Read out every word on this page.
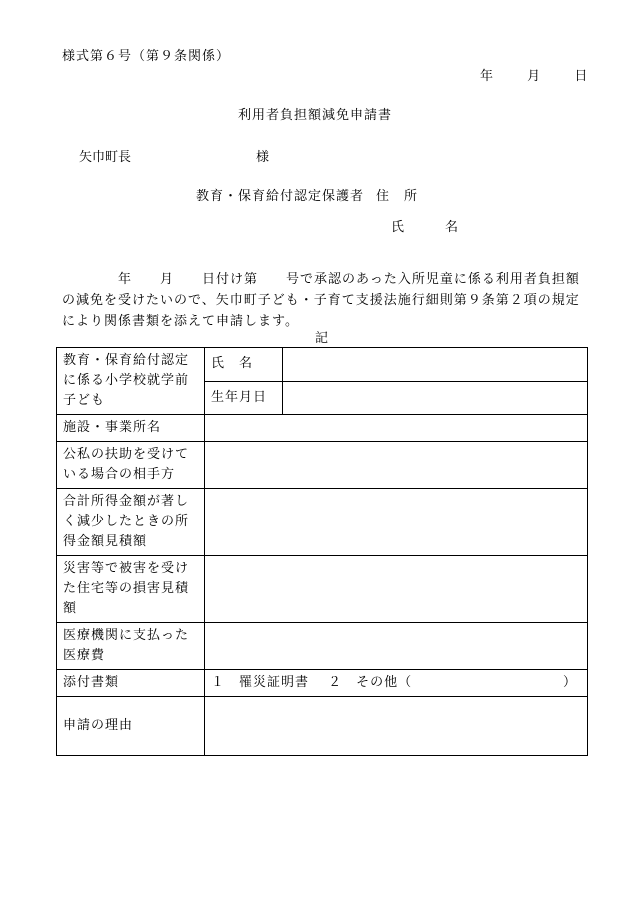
様式第６号（第９条関係）
年	月	日
利用者負担額減免申請書
矢巾町長	様
教育・保育給付認定保護者 住　所
氏　名
　　　　年　　月　　日付け第　　号で承認のあった入所児童に係る利用者負担額の減免を受けたいので、矢巾町子ども・子育て支援法施行細則第９条第２項の規定により関係書類を添えて申請します。
記
教育・保育給付認定に係る小学校就学前子ども	氏　名	
	生年月日	
施設・事業所名		
公私の扶助を受けている場合の相手方		
合計所得金額が著しく減少したときの所得金額見積額		
災害等で被害を受けた住宅等の損害見積額		
医療機関に支払った医療費		
添付書類	１　罹災証明書 ２　その他（ ）	

申請の理由		
